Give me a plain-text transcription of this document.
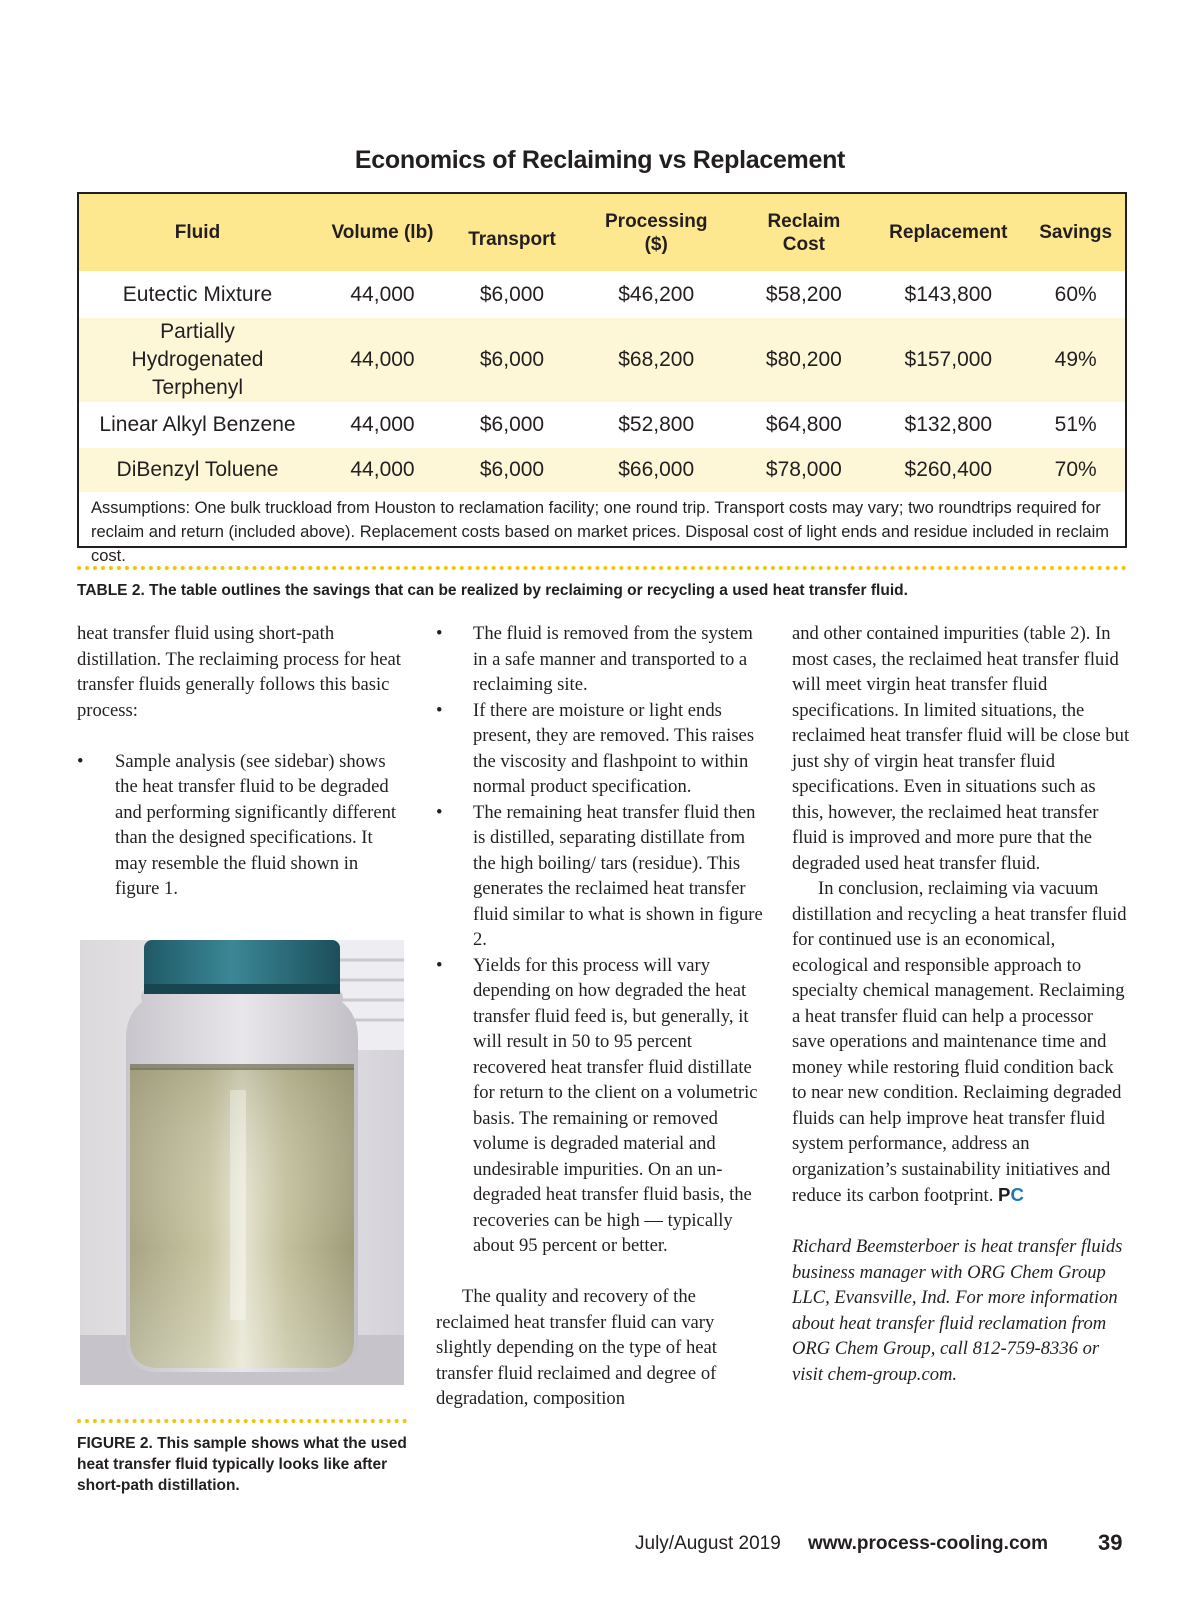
Economics of Reclaiming vs Replacement
Fluid	Volume (lb)	Transport	Processing ($)	Reclaim Cost	Replacement	Savings
Eutectic Mixture	44,000	$6,000	$46,200	$58,200	$143,800	60%
Partially Hydrogenated Terphenyl	44,000	$6,000	$68,200	$80,200	$157,000	49%
Linear Alkyl Benzene	44,000	$6,000	$52,800	$64,800	$132,800	51%
DiBenzyl Toluene	44,000	$6,000	$66,000	$78,000	$260,400	70%
Assumptions: One bulk truckload from Houston to reclamation facility; one round trip. Transport costs may vary; two roundtrips required for reclaim and return (included above). Replacement costs based on market prices. Disposal cost of light ends and residue included in reclaim cost.
TABLE 2. The table outlines the savings that can be realized by reclaiming or recycling a used heat transfer fluid.

heat transfer fluid using short-path distillation. The reclaiming process for heat transfer fluids generally follows this basic process:

• Sample analysis (see sidebar) shows the heat transfer fluid to be degraded and performing significantly different than the designed specifications. It may resemble the fluid shown in figure 1.

FIGURE 2. This sample shows what the used heat transfer fluid typically looks like after short-path distillation.

• The fluid is removed from the system in a safe manner and transported to a reclaiming site.

• If there are moisture or light ends present, they are removed. This raises the viscosity and flashpoint to within normal product specification.

• The remaining heat transfer fluid then is distilled, separating distillate from the high boiling/ tars (residue). This generates the reclaimed heat transfer fluid similar to what is shown in figure 2.

• Yields for this process will vary depending on how degraded the heat transfer fluid feed is, but generally, it will result in 50 to 95 percent recovered heat transfer fluid distillate for return to the client on a volumetric basis. The remaining or removed volume is degraded material and undesirable impurities. On an un-degraded heat transfer fluid basis, the recoveries can be high — typically about 95 percent or better.

The quality and recovery of the reclaimed heat transfer fluid can vary slightly depending on the type of heat transfer fluid reclaimed and degree of degradation, composition

and other contained impurities (table 2). In most cases, the reclaimed heat transfer fluid will meet virgin heat transfer fluid specifications. In limited situations, the reclaimed heat transfer fluid will be close but just shy of virgin heat transfer fluid specifications. Even in situations such as this, however, the reclaimed heat transfer fluid is improved and more pure that the degraded used heat transfer fluid.

In conclusion, reclaiming via vacuum distillation and recycling a heat transfer fluid for continued use is an economical, ecological and responsible approach to specialty chemical management. Reclaiming a heat transfer fluid can help a processor save operations and maintenance time and money while restoring fluid condition back to near new condition. Reclaiming degraded fluids can help improve heat transfer fluid system performance, address an organization’s sustainability initiatives and reduce its carbon footprint. PC

Richard Beemsterboer is heat transfer fluids business manager with ORG Chem Group LLC, Evansville, Ind. For more information about heat transfer fluid reclamation from ORG Chem Group, call 812-759-8336 or visit chem-group.com.

July/August 2019 www.process-cooling.com 39
